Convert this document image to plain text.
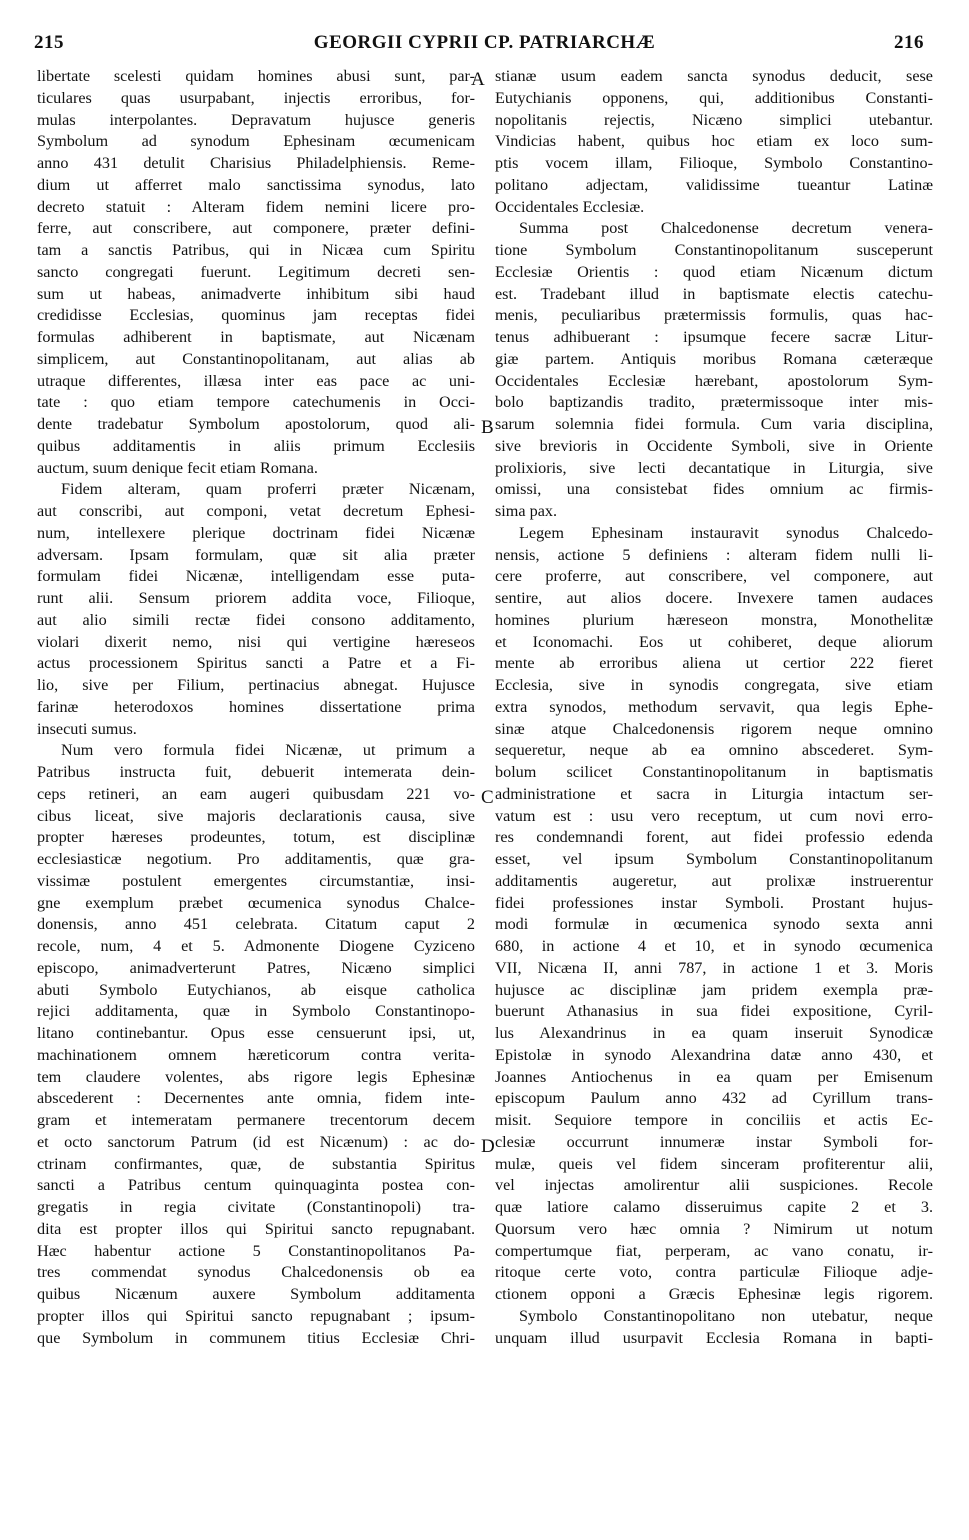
215	GEORGII CYPRII CP. PATRIARCHÆ	216
libertate scelesti quidam homines abusi sunt, par-
ticulares quas usurpabant, injectis erroribus, for-
mulas interpolantes. Depravatum hujusce generis
Symbolum ad synodum Ephesinam œcumenicam
anno 431 detulit Charisius Philadelphiensis. Reme-
dium ut afferret malo sanctissima synodus, lato
decreto statuit : Alteram fidem nemini licere pro-
ferre, aut conscribere, aut componere, præter defini-
tam a sanctis Patribus, qui in Nicæa cum Spiritu
sancto congregati fuerunt. Legitimum decreti sen-
sum ut habeas, animadverte inhibitum sibi haud
credidisse Ecclesias, quominus jam receptas fidei
formulas adhiberent in baptismate, aut Nicænam
simplicem, aut Constantinopolitanam, aut alias ab
utraque differentes, illæsa inter eas pace ac uni-
tate : quo etiam tempore catechumenis in Occi-
dente tradebatur Symbolum apostolorum, quod ali-
quibus additamentis in aliis primum Ecclesiis
auctum, suum denique fecit etiam Romana.
Fidem alteram, quam proferri præter Nicænam,
aut conscribi, aut componi, vetat decretum Ephesi-
num, intellexere plerique doctrinam fidei Nicænæ
adversam. Ipsam formulam, quæ sit alia præter
formulam fidei Nicænæ, intelligendam esse puta-
runt alii. Sensum priorem addita voce, Filioque,
aut alio simili rectæ fidei consono additamento,
violari dixerit nemo, nisi qui vertigine hæreseos
actus processionem Spiritus sancti a Patre et a Fi-
lio, sive per Filium, pertinacius abnegat. Hujusce
farinæ heterodoxos homines dissertatione prima
insecuti sumus.
Num vero formula fidei Nicænæ, ut primum a
Patribus instructa fuit, debuerit intemerata dein-
ceps retineri, an eam augeri quibusdam 221 vo-
cibus liceat, sive majoris declarationis causa, sive
propter hæreses prodeuntes, totum, est disciplinæ
ecclesiasticæ negotium. Pro additamentis, quæ gra-
vissimæ postulent emergentes circumstantiæ, insi-
gne exemplum præbet œcumenica synodus Chalce-
donensis, anno 451 celebrata. Citatum caput 2
recole, num, 4 et 5. Admonente Diogene Cyziceno
episcopo, animadverterunt Patres, Nicæno simplici
abuti Symbolo Eutychianos, ab eisque catholica
rejici additamenta, quæ in Symbolo Constantinopo-
litano continebantur. Opus esse censuerunt ipsi, ut,
machinationem omnem hæreticorum contra verita-
tem claudere volentes, abs rigore legis Ephesinæ
abscederent : Decernentes ante omnia, fidem inte-
gram et intemeratam permanere trecentorum decem
et octo sanctorum Patrum (id est Nicænum) : ac do-
ctrinam confirmantes, quæ, de substantia Spiritus
sancti a Patribus centum quinquaginta postea con-
gregatis in regia civitate (Constantinopoli) tra-
dita est propter illos qui Spiritui sancto repugnabant.
Hæc habentur actione 5 Constantinopolitanos Pa-
tres commendat synodus Chalcedonensis ob ea
quibus Nicænum auxere Symbolum additamenta
propter illos qui Spiritui sancto repugnabant ; ipsum-
que Symbolum in communem titius Ecclesiæ Chri-
stianæ usum eadem sancta synodus deducit, sese
Eutychianis opponens, qui, additionibus Constanti-
nopolitanis rejectis, Nicæno simplici utebantur.
Vindicias habent, quibus hoc etiam ex loco sum-
ptis vocem illam, Filioque, Symbolo Constantino-
politano adjectam, validissime tueantur Latinæ
Occidentales Ecclesiæ.
Summa post Chalcedonense decretum venera-
tione Symbolum Constantinopolitanum susceperunt
Ecclesiæ Orientis : quod etiam Nicænum dictum
est. Tradebant illud in baptismate electis catechu-
menis, peculiaribus prætermissis formulis, quas hac-
tenus adhibuerant : ipsumque fecere sacræ Litur-
giæ partem. Antiquis moribus Romana cæteræque
Occidentales Ecclesiæ hærebant, apostolorum Sym-
bolo baptizandis tradito, prætermissoque inter mis-
sarum solemnia fidei formula. Cum varia disciplina,
sive brevioris in Occidente Symboli, sive in Oriente
prolixioris, sive lecti decantatique in Liturgia, sive
omissi, una consistebat fides omnium ac firmis-
sima pax.
Legem Ephesinam instauravit synodus Chalcedo-
nensis, actione 5 definiens : alteram fidem nulli li-
cere proferre, aut conscribere, vel componere, aut
sentire, aut alios docere. Invexere tamen audaces
homines plurium hæreseon monstra, Monothelitæ
et Iconomachi. Eos ut cohiberet, deque aliorum
mente ab erroribus aliena ut certior 222 fieret
Ecclesia, sive in synodis congregata, sive etiam
extra synodos, methodum servavit, qua legis Ephe-
sinæ atque Chalcedonensis rigorem neque omnino
sequeretur, neque ab ea omnino abscederet. Sym-
bolum scilicet Constantinopolitanum in baptismatis
administratione et sacra in Liturgia intactum ser-
vatum est : usu vero receptum, ut cum novi erro-
res condemnandi forent, aut fidei professio edenda
esset, vel ipsum Symbolum Constantinopolitanum
additamentis augeretur, aut prolixæ instruerentur
fidei professiones instar Symboli. Prostant hujus-
modi formulæ in œcumenica synodo sexta anni
680, in actione 4 et 10, et in synodo œcumenica
VII, Nicæna II, anni 787, in actione 1 et 3. Moris
hujusce ac disciplinæ jam pridem exempla præ-
buerunt Athanasius in sua fidei expositione, Cyril-
lus Alexandrinus in ea quam inseruit Synodicæ
Epistolæ in synodo Alexandrina datæ anno 430, et
Joannes Antiochenus in ea quam per Emisenum
episcopum Paulum anno 432 ad Cyrillum trans-
misit. Sequiore tempore in conciliis et actis Ec-
clesiæ occurrunt innumeræ instar Symboli for-
mulæ, queis vel fidem sinceram profiterentur alii,
vel injectas amolirentur alii suspiciones. Recole
quæ latiore calamo disseruimus capite 2 et 3.
Quorsum vero hæc omnia ? Nimirum ut notum
compertumque fiat, perperam, ac vano conatu, ir-
ritoque certe voto, contra particulæ Filioque adje-
ctionem opponi a Græcis Ephesinæ legis rigorem.
Symbolo Constantinopolitano non utebatur, neque
unquam illud usurpavit Ecclesia Romana in bapti-
A
B
C
D
